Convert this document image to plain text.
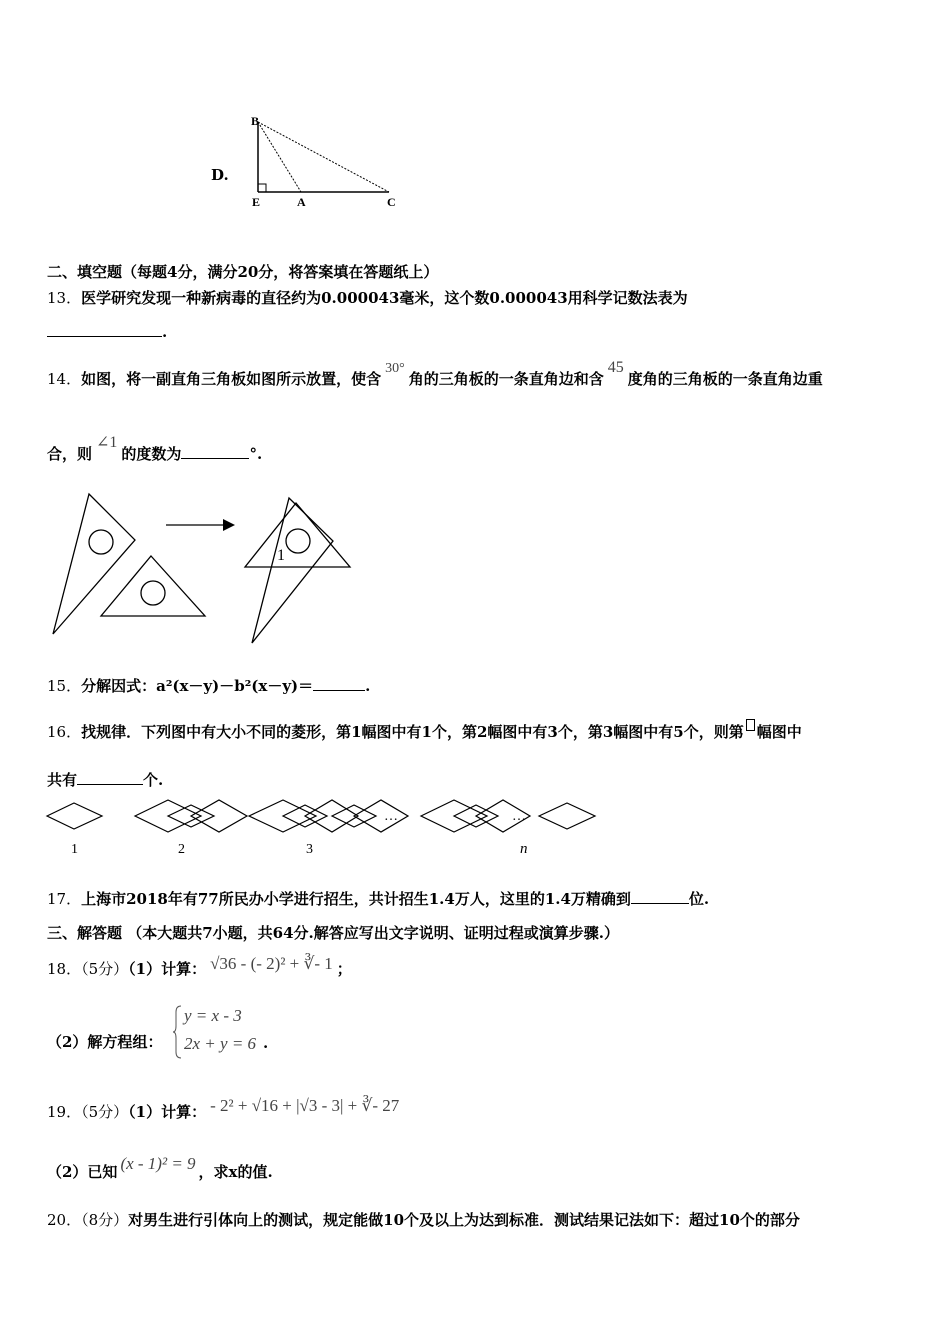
D.
B
E	A	C
二、填空题（每题4分，满分20分，将答案填在答题纸上）
13．医学研究发现一种新病毒的直径约为0.000043毫米，这个数0.000043用科学记数法表为
.
14．如图，将一副直角三角板如图所示放置，使含30°角的三角板的一条直角边和含45度角的三角板的一条直角边重
合，则∠1的度数为	°.
1
15．分解因式：a²(x－y)－b²(x－y)＝	.
16．找规律．下列图中有大小不同的菱形，第1幅图中有1个，第2幅图中有3个，第3幅图中有5个，则第 幅图中
共有	个.
…	…
1	2	3	n
17．上海市2018年有77所民办小学进行招生，共计招生1.4万人，这里的1.4万精确到	位.
三、解答题 （本大题共7小题，共64分.解答应写出文字说明、证明过程或演算步骤.）
18．（5分）（1）计算： √36 - (- 2)² + ∛- 1 ；
（2）解方程组：
y = x - 3
2x + y = 6 .
19．（5分）（1）计算： - 2² + √16 + |√3 - 3| + ∛- 27
（2）已知 (x - 1)² = 9 ，求x的值.
20．（8分）对男生进行引体向上的测试，规定能做10个及以上为达到标准．测试结果记法如下：超过10个的部分
